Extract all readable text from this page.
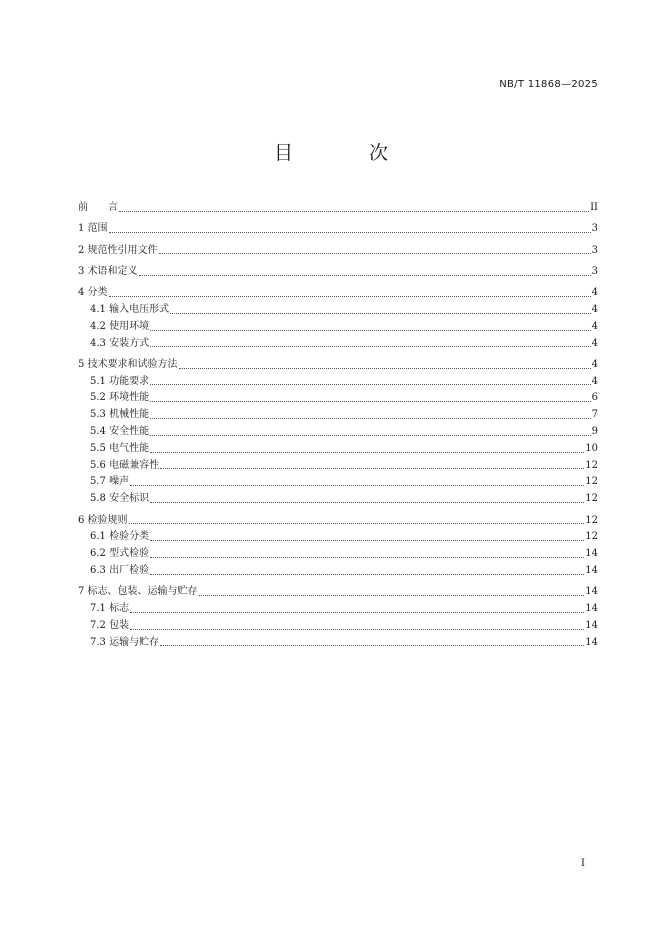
NB/T 11868—2025
目 次
前　　言	II
1 范围	3
2 规范性引用文件	3
3 术语和定义	3
4 分类	4
4.1 输入电压形式	4
4.2 使用环境	4
4.3 安装方式	4
5 技术要求和试验方法	4
5.1 功能要求	4
5.2 环境性能	6
5.3 机械性能	7
5.4 安全性能	9
5.5 电气性能	10
5.6 电磁兼容性	12
5.7 噪声	12
5.8 安全标识	12
6 检验规则	12
6.1 检验分类	12
6.2 型式检验	14
6.3 出厂检验	14
7 标志、包装、运输与贮存	14
7.1 标志	14
7.2 包装	14
7.3 运输与贮存	14
I
